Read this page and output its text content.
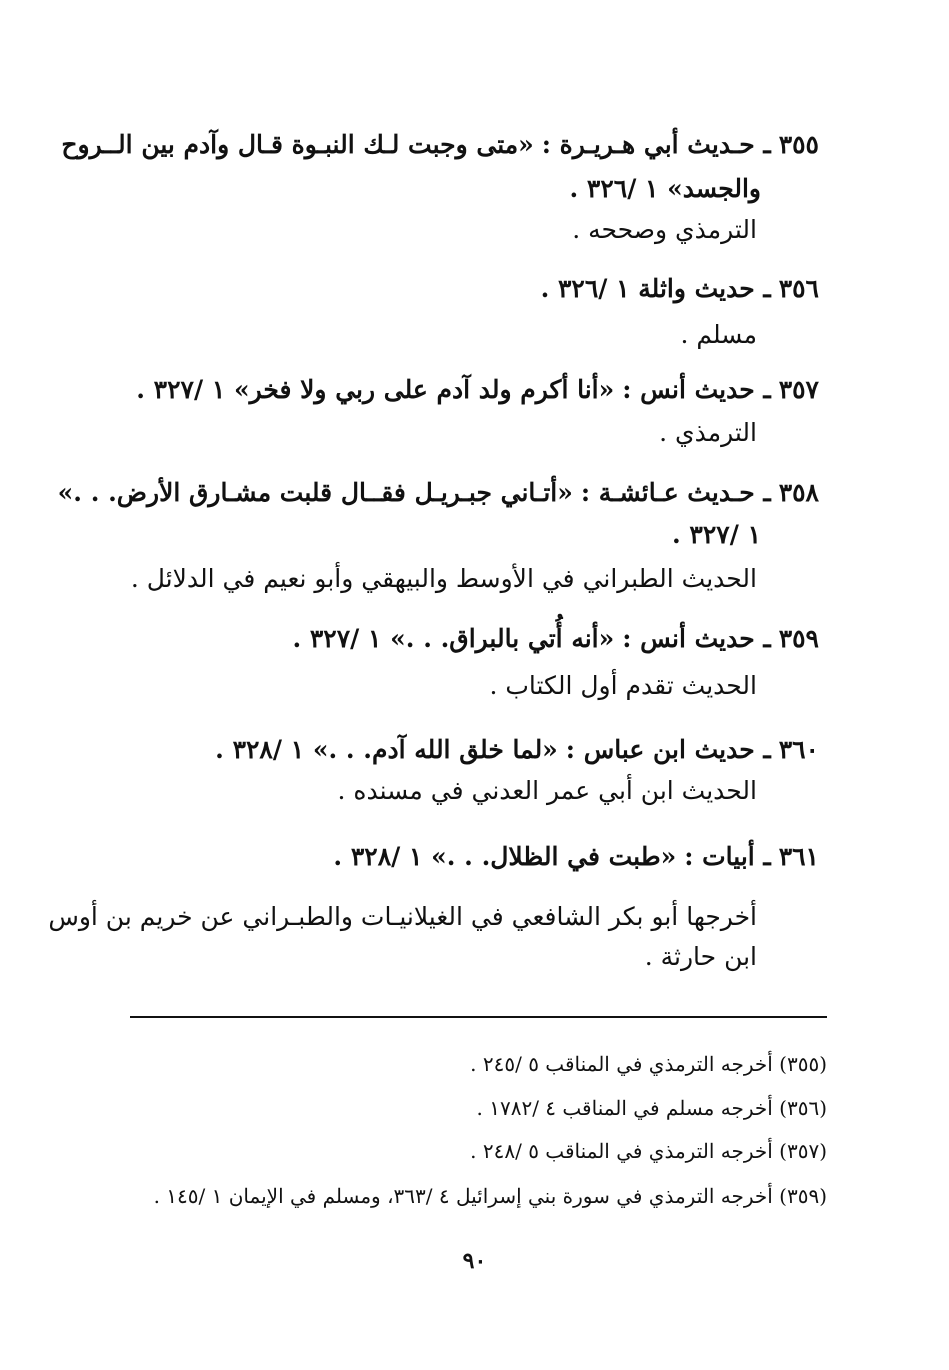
٣٥٥ ـ حـديث أبي هـريـرة : «متى وجبت لـك النبـوة قـال وآدم بين الــروح
والجسد» ١ /٣٢٦ .
الترمذي وصححه .
٣٥٦ ـ حديث واثلة ١ /٣٢٦ .
مسلم .
٣٥٧ ـ حديث أنس : «أنا أكرم ولد آدم على ربي ولا فخر» ١ /٣٢٧ .
الترمذي .
٣٥٨ ـ حـديث عـائشـة : «أتـاني جبـريـل فقــال قلبت مشـارق الأرض. . .»
١ /٣٢٧ .
الحديث الطبراني في الأوسط والبيهقي وأبو نعيم في الدلائل .
٣٥٩ ـ حديث أنس : «أنه أُتي بالبراق. . .» ١ /٣٢٧ .
الحديث تقدم أول الكتاب .
٣٦٠ ـ حديث ابن عباس : «لما خلق الله آدم. . .» ١ /٣٢٨ .
الحديث ابن أبي عمر العدني في مسنده .
٣٦١ ـ أبيات : «طبت في الظلال. . .» ١ /٣٢٨ .
أخرجها أبو بكر الشافعي في الغيلانيـات والطبـراني عن خريم بن أوس
ابن حارثة .
(٣٥٥) أخرجه الترمذي في المناقب ٥ /٢٤٥ .
(٣٥٦) أخرجه مسلم في المناقب ٤ /١٧٨٢ .
(٣٥٧) أخرجه الترمذي في المناقب ٥ /٢٤٨ .
(٣٥٩) أخرجه الترمذي في سورة بني إسرائيل ٤ /٣٦٣، ومسلم في الإيمان ١ /١٤٥ .
٩٠
